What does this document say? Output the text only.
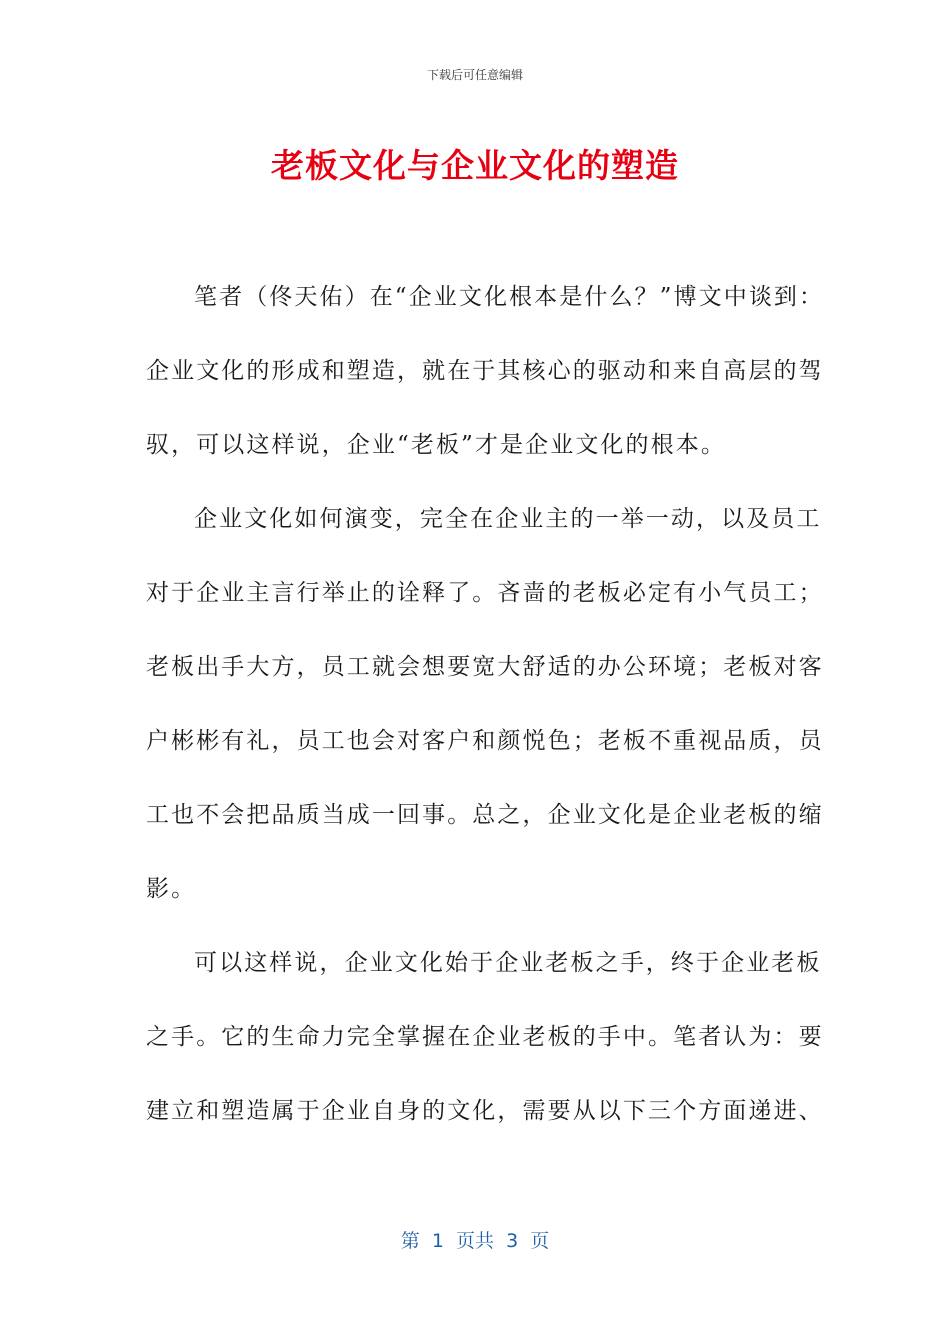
下载后可任意编辑
老板文化与企业文化的塑造
笔者（佟天佑）在“企业文化根本是什么？”博文中谈到：
企业文化的形成和塑造，就在于其核心的驱动和来自高层的驾
驭，可以这样说，企业“老板”才是企业文化的根本。
企业文化如何演变，完全在企业主的一举一动，以及员工
对于企业主言行举止的诠释了。吝啬的老板必定有小气员工；
老板出手大方，员工就会想要宽大舒适的办公环境；老板对客
户彬彬有礼，员工也会对客户和颜悦色；老板不重视品质，员
工也不会把品质当成一回事。总之，企业文化是企业老板的缩
影。
可以这样说，企业文化始于企业老板之手，终于企业老板
之手。它的生命力完全掌握在企业老板的手中。笔者认为：要
建立和塑造属于企业自身的文化，需要从以下三个方面递进、
第  1  页共  3  页
